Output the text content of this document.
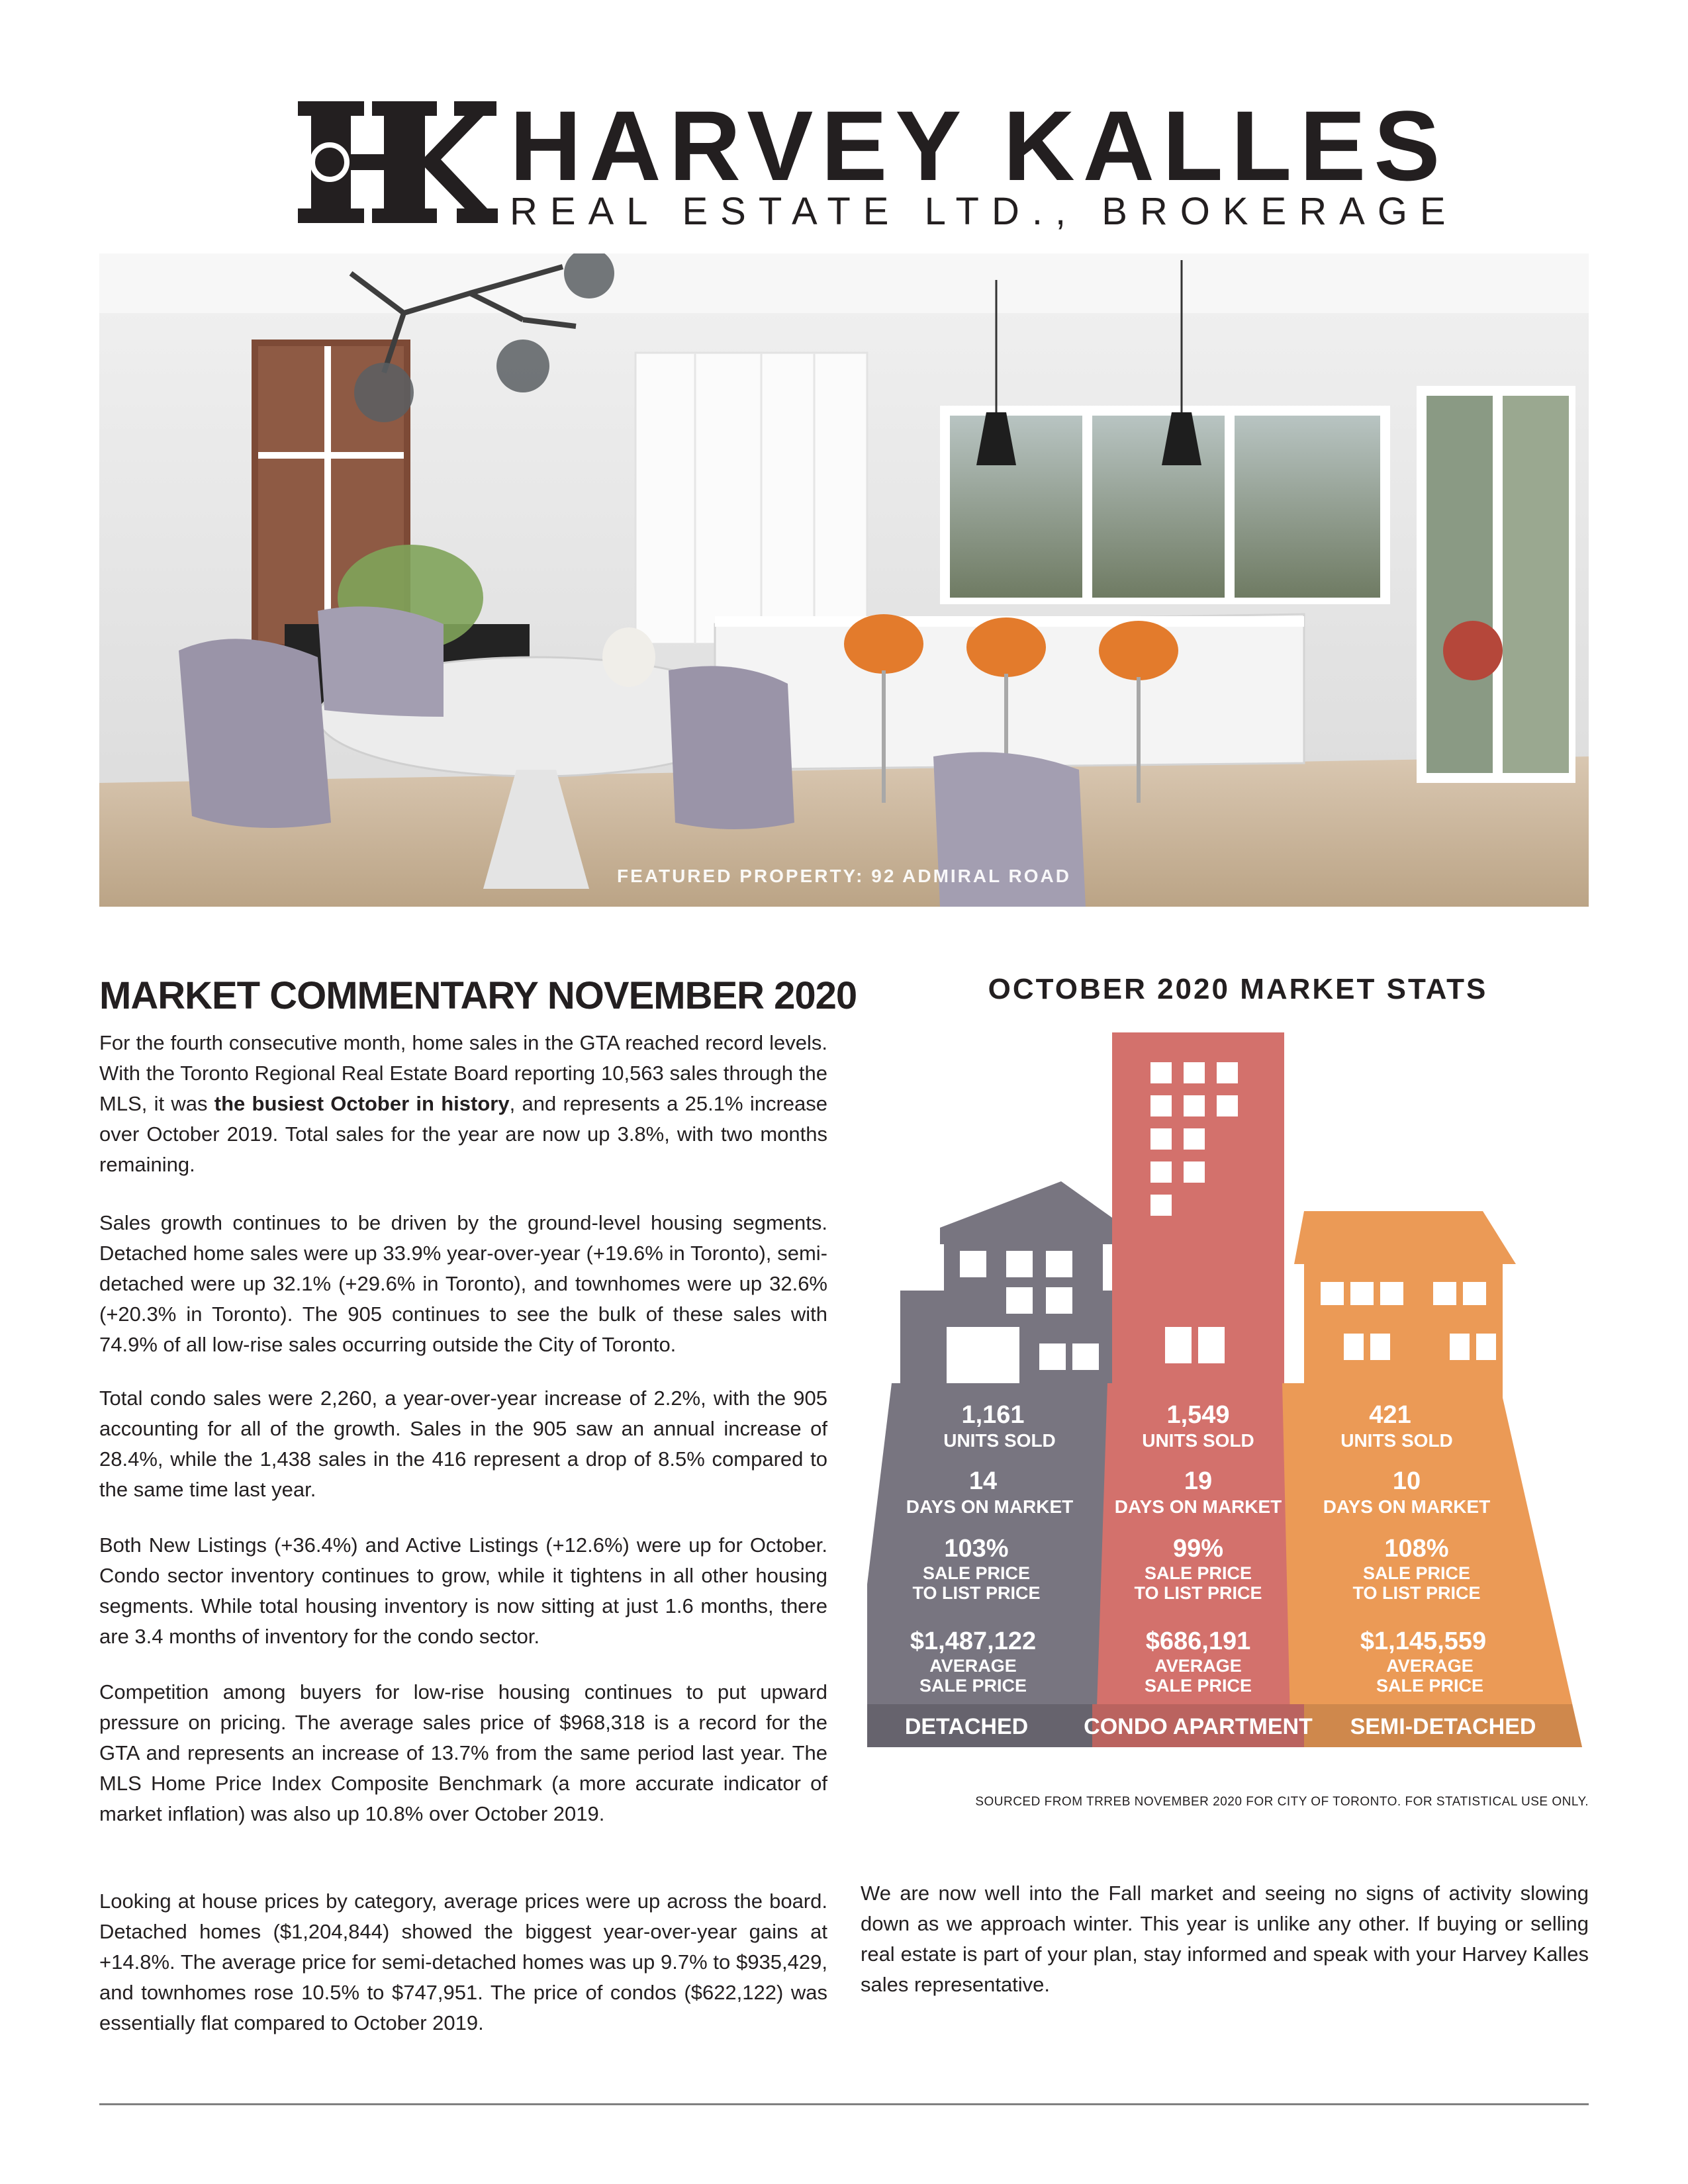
HARVEY KALLES
REAL ESTATE LTD., BROKERAGE
FEATURED PROPERTY: 92 ADMIRAL ROAD
MARKET COMMENTARY NOVEMBER 2020

For the fourth consecutive month, home sales in the GTA reached record levels. With the Toronto Regional Real Estate Board reporting 10,563 sales through the MLS, it was the busiest October in history, and represents a 25.1% increase over October 2019. Total sales for the year are now up 3.8%, with two months remaining.

Sales growth continues to be driven by the ground-level housing segments. Detached home sales were up 33.9% year-over-year (+19.6% in Toronto), semi-detached were up 32.1% (+29.6% in Toronto), and townhomes were up 32.6% (+20.3% in Toronto). The 905 continues to see the bulk of these sales with 74.9% of all low-rise sales occurring outside the City of Toronto.

Total condo sales were 2,260, a year-over-year increase of 2.2%, with the 905 accounting for all of the growth. Sales in the 905 saw an annual increase of 28.4%, while the 1,438 sales in the 416 represent a drop of 8.5% compared to the same time last year.

Both New Listings (+36.4%) and Active Listings (+12.6%) were up for October. Condo sector inventory continues to grow, while it tightens in all other housing segments. While total housing inventory is now sitting at just 1.6 months, there are 3.4 months of inventory for the condo sector.

Competition among buyers for low-rise housing continues to put upward pressure on pricing. The average sales price of $968,318 is a record for the GTA and represents an increase of 13.7% from the same period last year. The MLS Home Price Index Composite Benchmark (a more accurate indicator of market inflation) was also up 10.8% over October 2019.

Looking at house prices by category, average prices were up across the board. Detached homes ($1,204,844) showed the biggest year-over-year gains at +14.8%. The average price for semi-detached homes was up 9.7% to $935,429, and townhomes rose 10.5% to $747,951. The price of condos ($622,122) was essentially flat compared to October 2019.

OCTOBER 2020 MARKET STATS
1,161
UNITS SOLD
14
DAYS ON MARKET
103%
SALE PRICE
TO LIST PRICE
$1,487,122
AVERAGE
SALE PRICE
DETACHED
1,549
UNITS SOLD
19
DAYS ON MARKET
99%
SALE PRICE
TO LIST PRICE
$686,191
AVERAGE
SALE PRICE
CONDO APARTMENT
421
UNITS SOLD
10
DAYS ON MARKET
108%
SALE PRICE
TO LIST PRICE
$1,145,559
AVERAGE
SALE PRICE
SEMI-DETACHED
SOURCED FROM TRREB NOVEMBER 2020 FOR CITY OF TORONTO. FOR STATISTICAL USE ONLY.

We are now well into the Fall market and seeing no signs of activity slowing down as we approach winter. This year is unlike any other. If buying or selling real estate is part of your plan, stay informed and speak with your Harvey Kalles sales representative.
